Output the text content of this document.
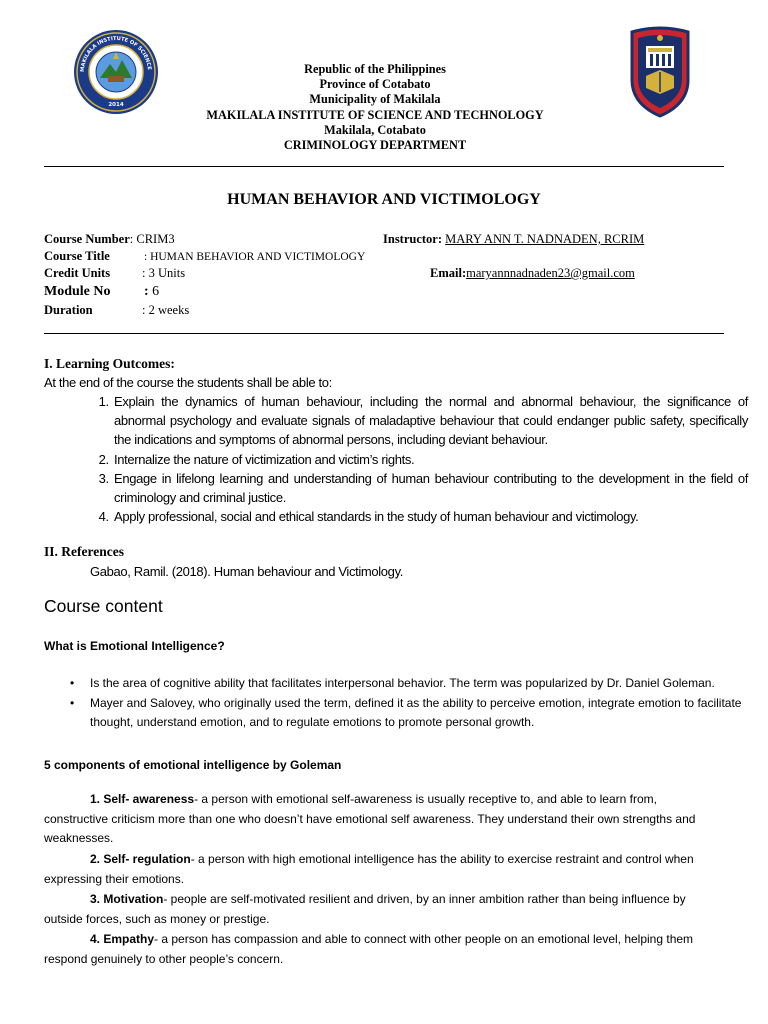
MAKILALA INSTITUTE OF SCIENCE
2014
Republic of the Philippines
Province of Cotabato
Municipality of Makilala
MAKILALA INSTITUTE OF SCIENCE AND TECHNOLOGY
Makilala, Cotabato
CRIMINOLOGY DEPARTMENT
HUMAN BEHAVIOR AND VICTIMOLOGY
Course Number: CRIM3	Instructor: MARY ANN T. NADNADEN, RCRIM
Course Title	: HUMAN BEHAVIOR AND VICTIMOLOGY
Credit Units	: 3 Units	Email:maryannnadnaden23@gmail.com
Module No : 6
Duration	: 2 weeks
I. Learning Outcomes:
At the end of the course the students shall be able to:
1. Explain the dynamics of human behaviour, including the normal and abnormal behaviour, the significance of abnormal psychology and evaluate signals of maladaptive behaviour that could endanger public safety, specifically the indications and symptoms of abnormal persons, including deviant behaviour.
2. Internalize the nature of victimization and victim’s rights.
3. Engage in lifelong learning and understanding of human behaviour contributing to the development in the field of criminology and criminal justice.
4. Apply professional, social and ethical standards in the study of human behaviour and victimology.
II. References
Gabao, Ramil. (2018). Human behaviour and Victimology.
Course content
What is Emotional Intelligence?
• Is the area of cognitive ability that facilitates interpersonal behavior. The term was popularized by Dr. Daniel Goleman.
• Mayer and Salovey, who originally used the term, defined it as the ability to perceive emotion, integrate emotion to facilitate thought, understand emotion, and to regulate emotions to promote personal growth.
5 components of emotional intelligence by Goleman
1. Self- awareness- a person with emotional self-awareness is usually receptive to, and able to learn from, constructive criticism more than one who doesn’t have emotional self awareness. They understand their own strengths and weaknesses.
2. Self- regulation- a person with high emotional intelligence has the ability to exercise restraint and control when expressing their emotions.
3. Motivation- people are self-motivated resilient and driven, by an inner ambition rather than being influence by outside forces, such as money or prestige.
4. Empathy- a person has compassion and able to connect with other people on an emotional level, helping them respond genuinely to other people’s concern.
